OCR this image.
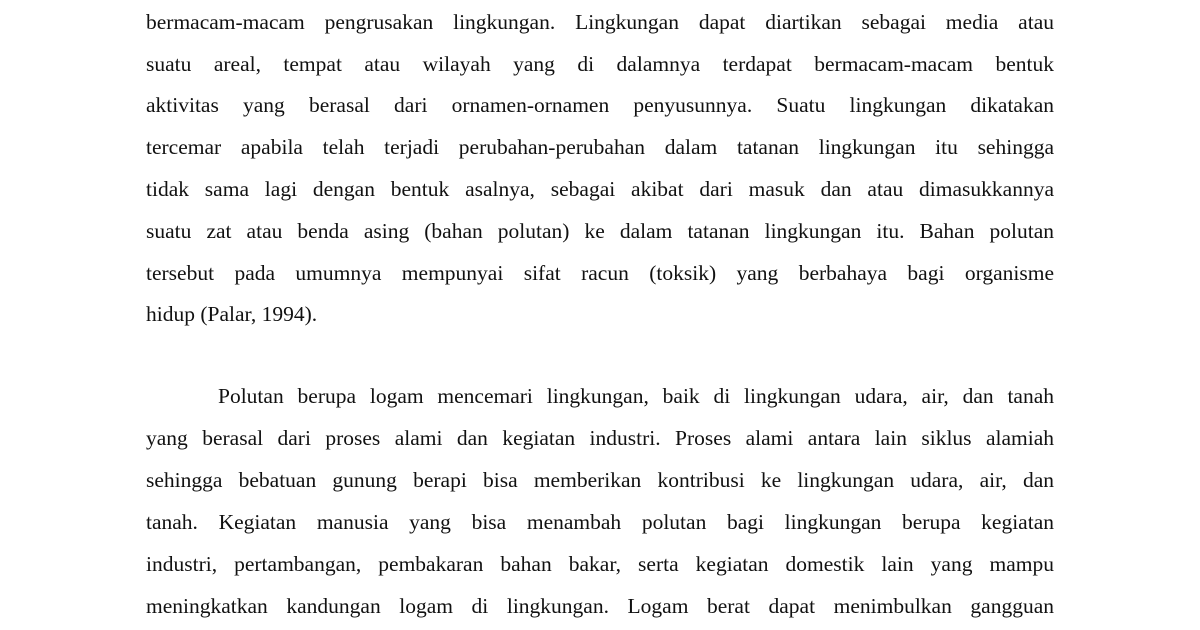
bermacam-macam pengrusakan lingkungan. Lingkungan dapat diartikan sebagai media atau
suatu areal, tempat atau wilayah yang di dalamnya terdapat bermacam-macam bentuk
aktivitas yang berasal dari ornamen-ornamen penyusunnya. Suatu lingkungan dikatakan
tercemar apabila telah terjadi perubahan-perubahan dalam tatanan lingkungan itu sehingga
tidak sama lagi dengan bentuk asalnya, sebagai akibat dari masuk dan atau dimasukkannya
suatu zat atau benda asing (bahan polutan) ke dalam tatanan lingkungan itu. Bahan polutan
tersebut pada umumnya mempunyai sifat racun (toksik) yang berbahaya bagi organisme
hidup (Palar, 1994).
Polutan berupa logam mencemari lingkungan, baik di lingkungan udara, air, dan tanah
yang berasal dari proses alami dan kegiatan industri. Proses alami antara lain siklus alamiah
sehingga bebatuan gunung berapi bisa memberikan kontribusi ke lingkungan udara, air, dan
tanah. Kegiatan manusia yang bisa menambah polutan bagi lingkungan berupa kegiatan
industri, pertambangan, pembakaran bahan bakar, serta kegiatan domestik lain yang mampu
meningkatkan kandungan logam di lingkungan. Logam berat dapat menimbulkan gangguan
